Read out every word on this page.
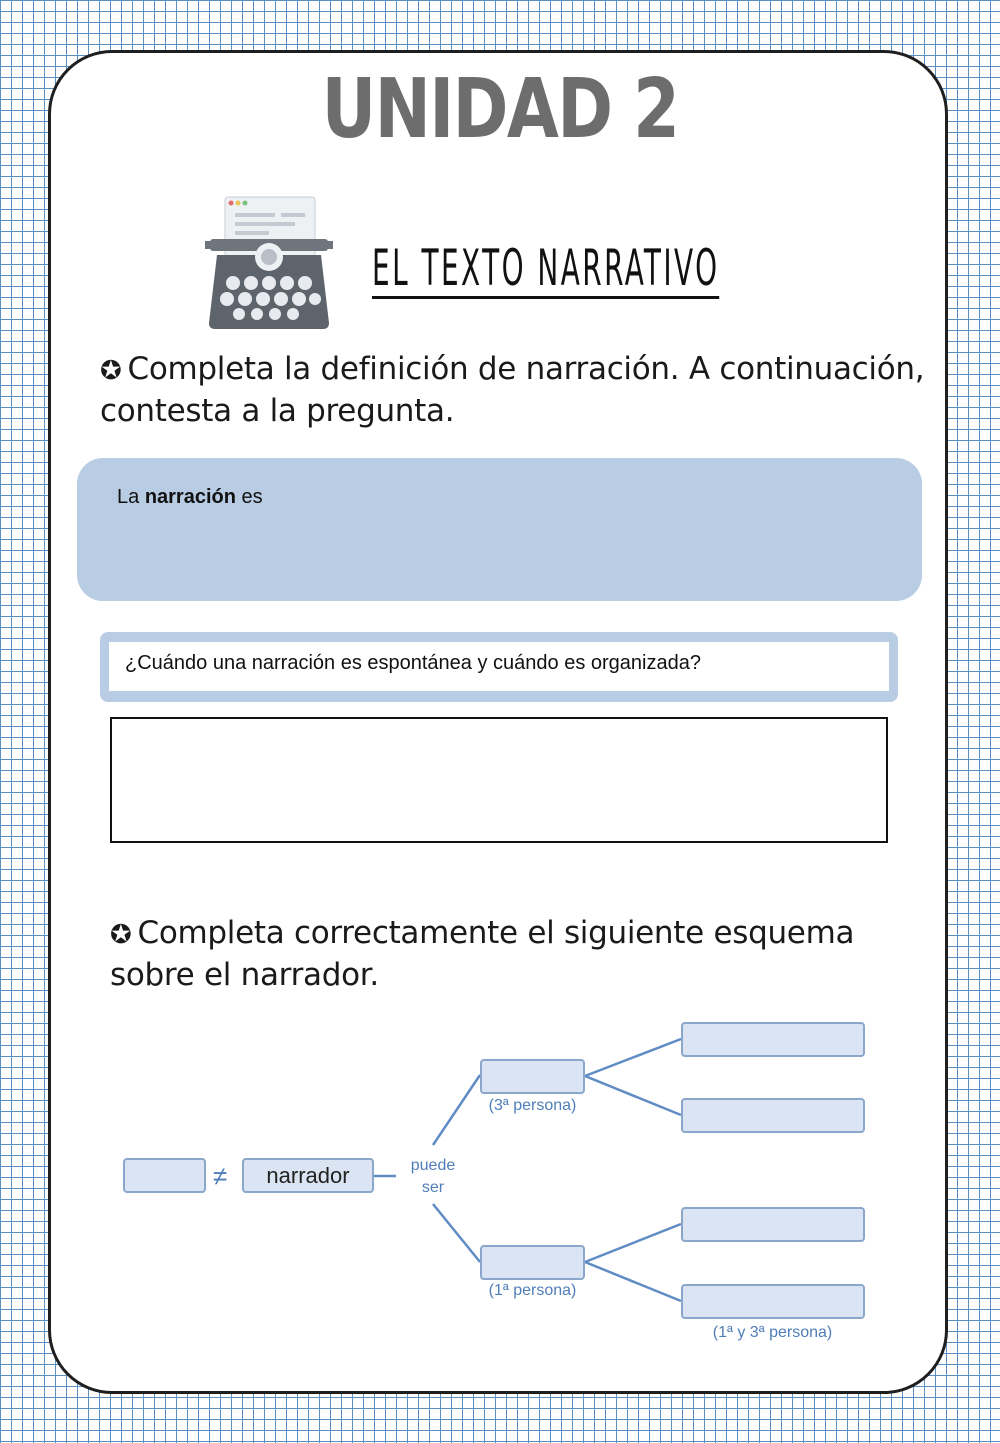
UNIDAD 2
EL TEXTO NARRATIVO
✪ Completa la definición de narración. A continuación, contesta a la pregunta.
La narración es
¿Cuándo una narración es espontánea y cuándo es organizada?
✪ Completa correctamente el siguiente esquema sobre el narrador.
≠	narrador	puede ser
(3ª persona)
(1ª persona)
(1ª y 3ª persona)
